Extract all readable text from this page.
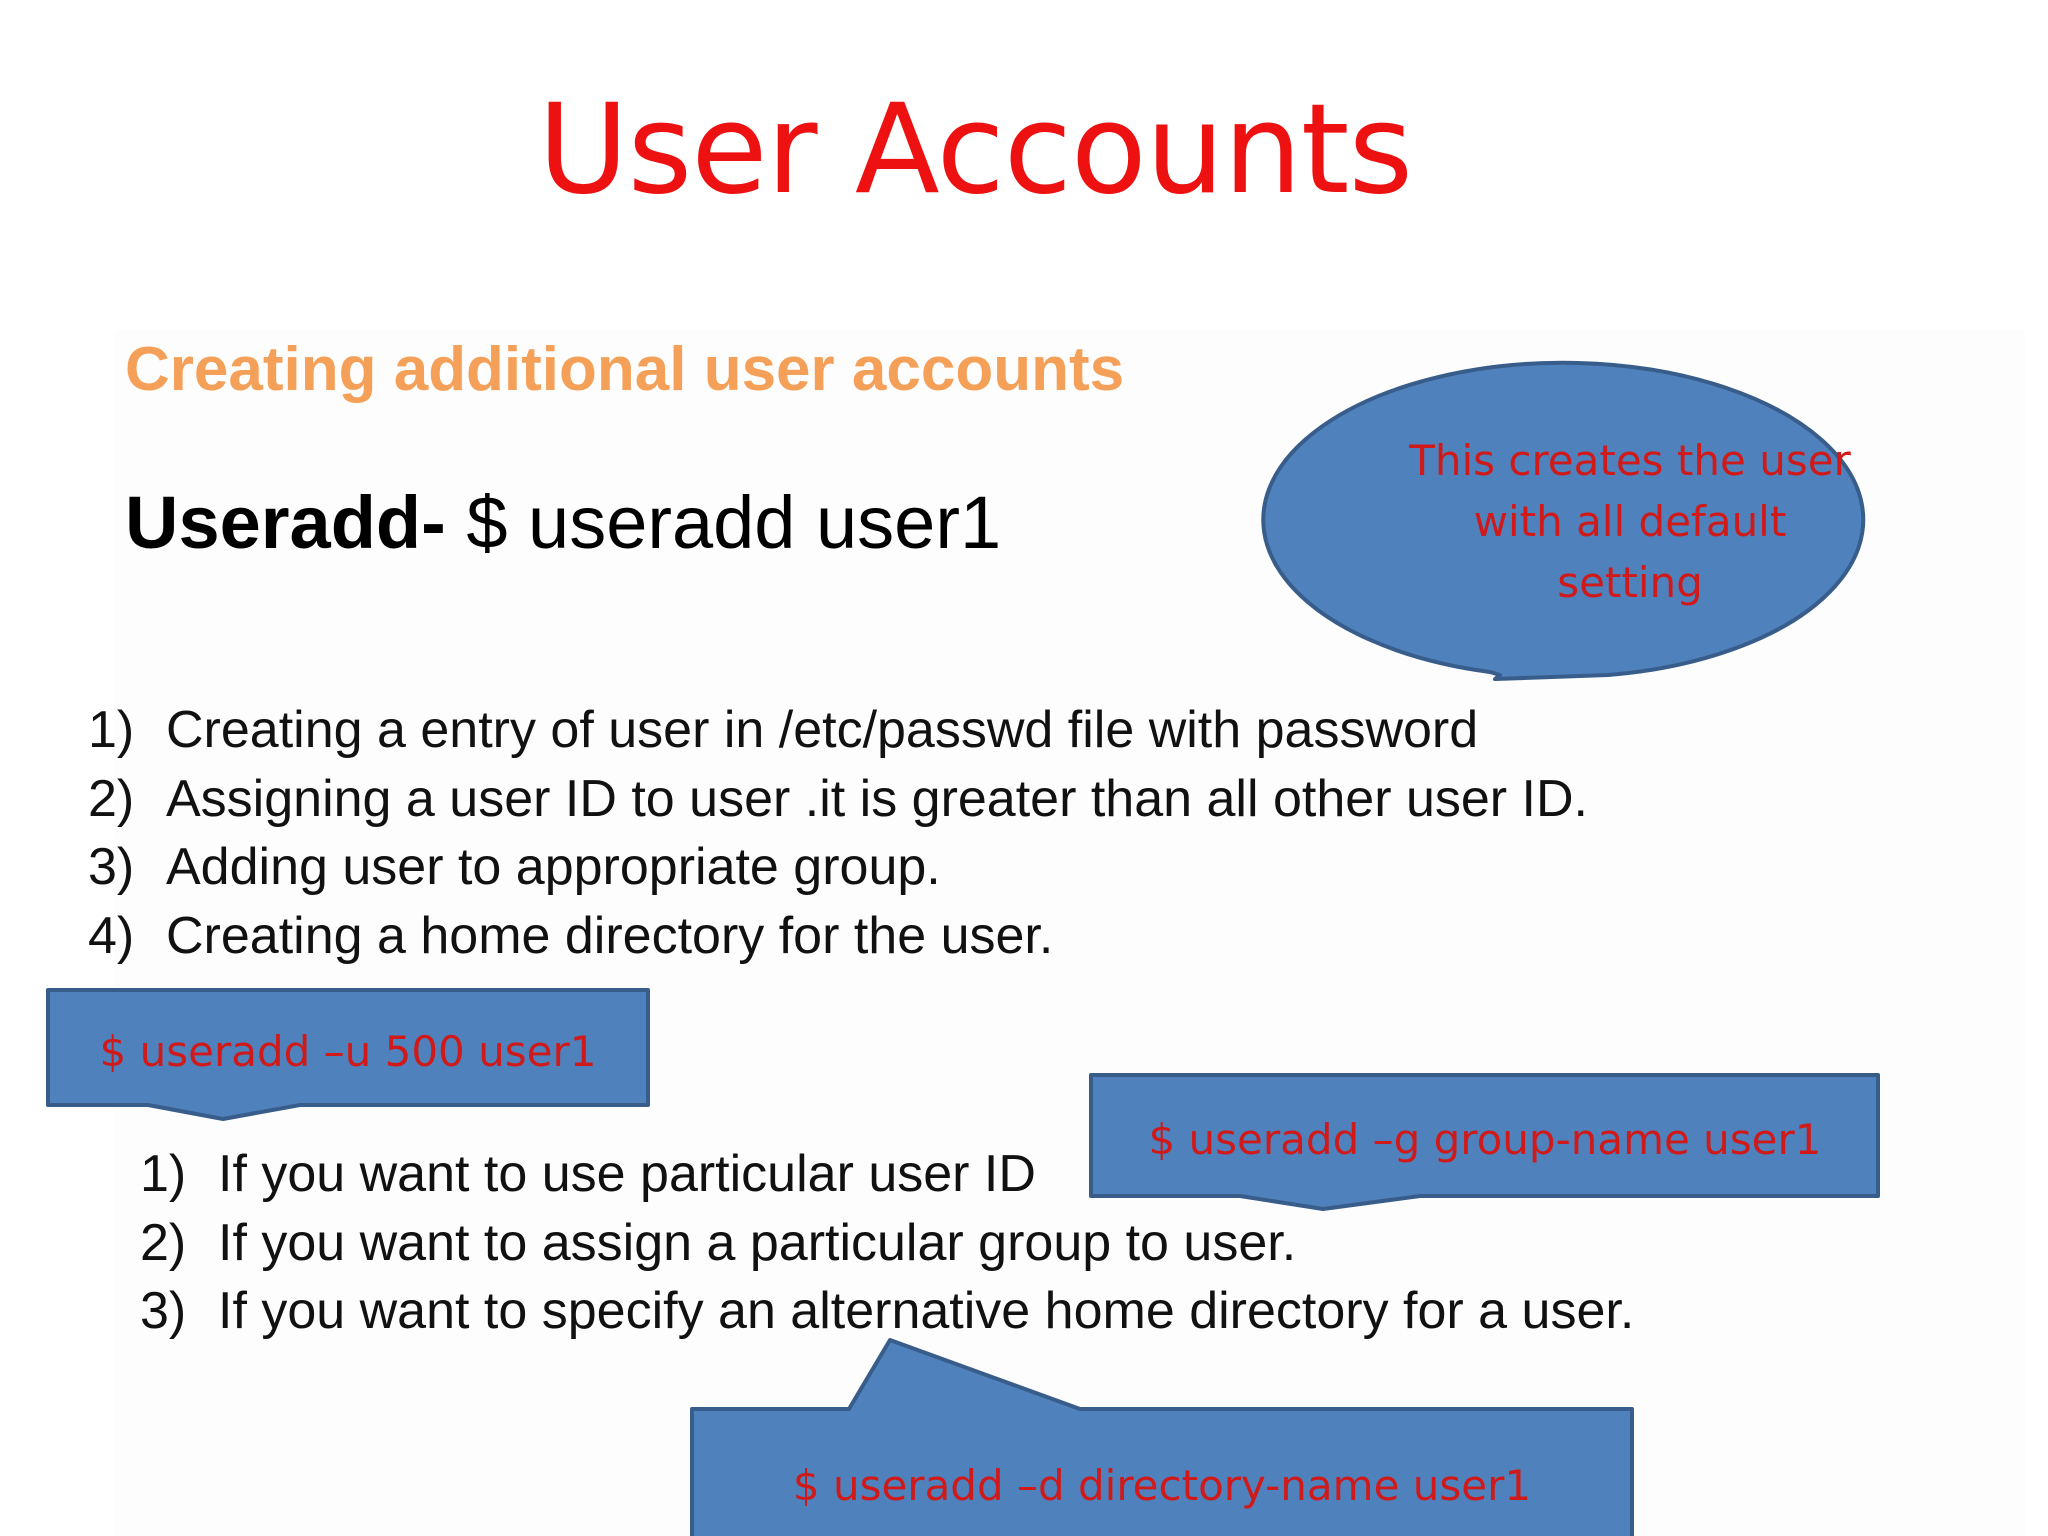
User Accounts
Creating additional user accounts
Useradd- $ useradd user1
1) Creating a entry of user in /etc/passwd file with password
2) Assigning a user ID to user .it is greater than all other user ID.
3) Adding user to appropriate group.
4) Creating a home directory for the user.
1) If you want to use particular user ID
2) If you want to assign a particular group to user.
3) If you want to specify an alternative home directory for a user.
This creates the user with all default setting
$ useradd –u 500 user1
$ useradd –g group-name user1
$ useradd –d directory-name user1
